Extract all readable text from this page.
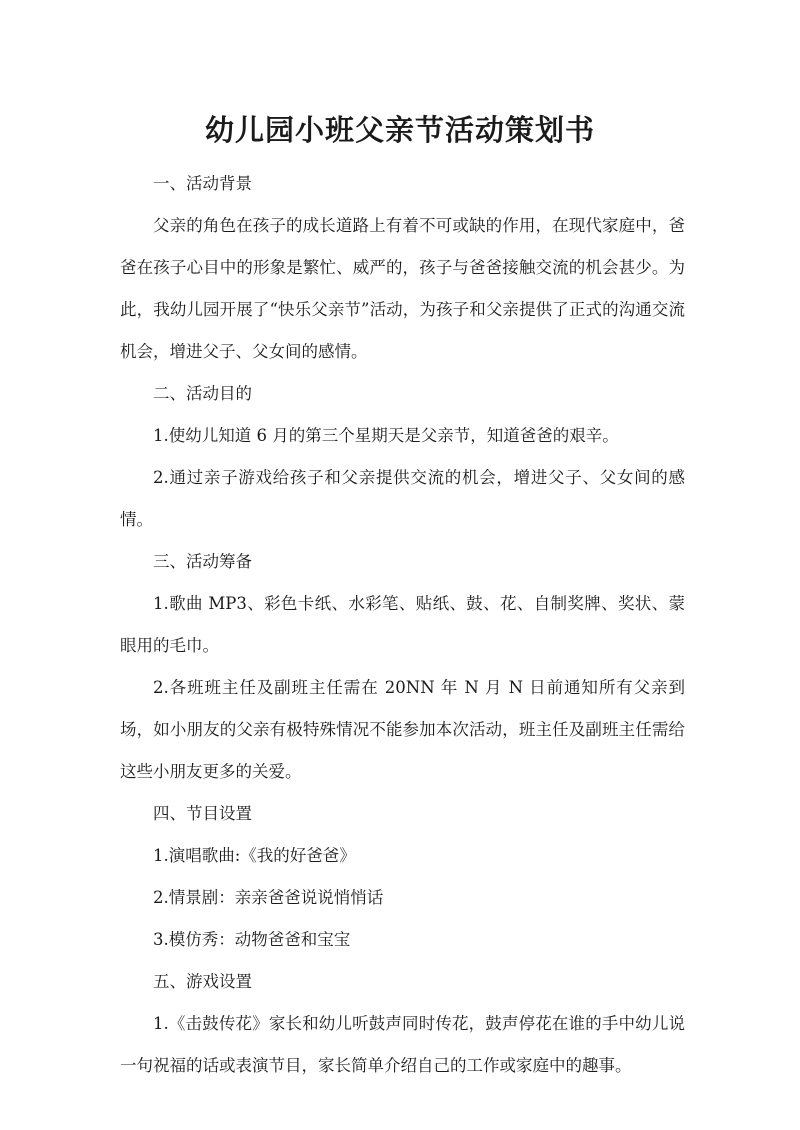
幼儿园小班父亲节活动策划书

一、活动背景

父亲的角色在孩子的成长道路上有着不可或缺的作用，在现代家庭中，爸爸在孩子心目中的形象是繁忙、威严的，孩子与爸爸接触交流的机会甚少。为此，我幼儿园开展了“快乐父亲节”活动，为孩子和父亲提供了正式的沟通交流机会，增进父子、父女间的感情。

二、活动目的

1.使幼儿知道 6 月的第三个星期天是父亲节，知道爸爸的艰辛。

2.通过亲子游戏给孩子和父亲提供交流的机会，增进父子、父女间的感情。

三、活动筹备

1.歌曲 MP3、彩色卡纸、水彩笔、贴纸、鼓、花、自制奖牌、奖状、蒙眼用的毛巾。

2.各班班主任及副班主任需在 20NN 年 N 月 N 日前通知所有父亲到场，如小朋友的父亲有极特殊情况不能参加本次活动，班主任及副班主任需给这些小朋友更多的关爱。

四、节目设置

1.演唱歌曲:《我的好爸爸》

2.情景剧：亲亲爸爸说说悄悄话

3.模仿秀：动物爸爸和宝宝

五、游戏设置

1.《击鼓传花》家长和幼儿听鼓声同时传花，鼓声停花在谁的手中幼儿说一句祝福的话或表演节目，家长简单介绍自己的工作或家庭中的趣事。
